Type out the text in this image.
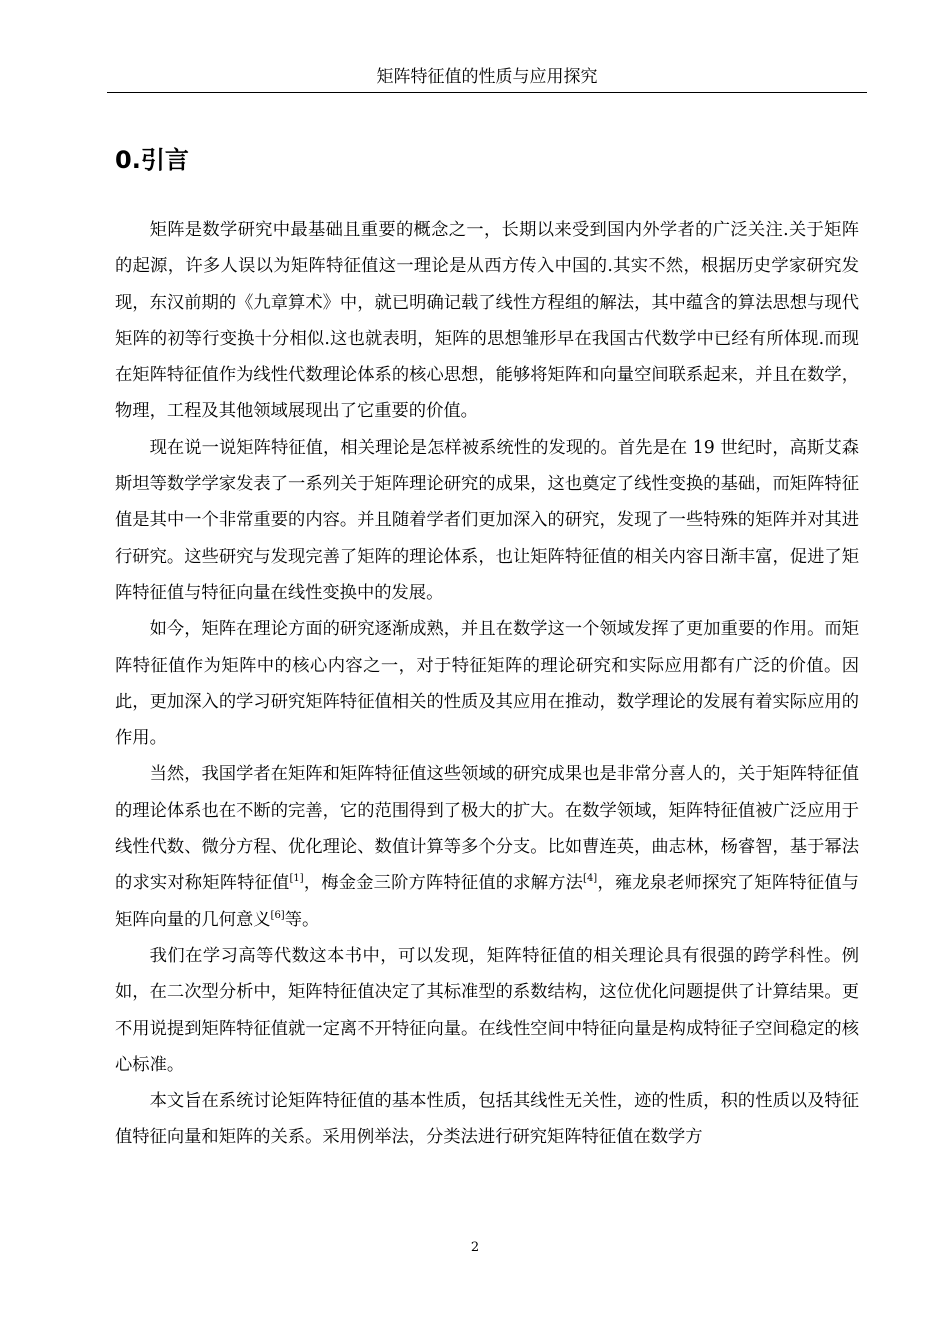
矩阵特征值的性质与应用探究
0.引言

矩阵是数学研究中最基础且重要的概念之一，长期以来受到国内外学者的广泛关注.关于矩阵的起源，许多人误以为矩阵特征值这一理论是从西方传入中国的.其实不然，根据历史学家研究发现，东汉前期的《九章算术》中，就已明确记载了线性方程组的解法，其中蕴含的算法思想与现代矩阵的初等行变换十分相似.这也就表明，矩阵的思想雏形早在我国古代数学中已经有所体现.而现在矩阵特征值作为线性代数理论体系的核心思想，能够将矩阵和向量空间联系起来，并且在数学，物理，工程及其他领域展现出了它重要的价值。

现在说一说矩阵特征值，相关理论是怎样被系统性的发现的。首先是在 19 世纪时，高斯艾森斯坦等数学学家发表了一系列关于矩阵理论研究的成果，这也奠定了线性变换的基础，而矩阵特征值是其中一个非常重要的内容。并且随着学者们更加深入的研究，发现了一些特殊的矩阵并对其进行研究。这些研究与发现完善了矩阵的理论体系，也让矩阵特征值的相关内容日渐丰富，促进了矩阵特征值与特征向量在线性变换中的发展。

如今，矩阵在理论方面的研究逐渐成熟，并且在数学这一个领域发挥了更加重要的作用。而矩阵特征值作为矩阵中的核心内容之一，对于特征矩阵的理论研究和实际应用都有广泛的价值。因此，更加深入的学习研究矩阵特征值相关的性质及其应用在推动，数学理论的发展有着实际应用的作用。

当然，我国学者在矩阵和矩阵特征值这些领域的研究成果也是非常分喜人的，关于矩阵特征值的理论体系也在不断的完善，它的范围得到了极大的扩大。在数学领域，矩阵特征值被广泛应用于线性代数、微分方程、优化理论、数值计算等多个分支。比如曹连英，曲志林，杨睿智，基于幂法的求实对称矩阵特征值[1]，梅金金三阶方阵特征值的求解方法[4]，雍龙泉老师探究了矩阵特征值与矩阵向量的几何意义[6]等。

我们在学习高等代数这本书中，可以发现，矩阵特征值的相关理论具有很强的跨学科性。例如，在二次型分析中，矩阵特征值决定了其标准型的系数结构，这位优化问题提供了计算结果。更不用说提到矩阵特征值就一定离不开特征向量。在线性空间中特征向量是构成特征子空间稳定的核心标准。

本文旨在系统讨论矩阵特征值的基本性质，包括其线性无关性，迹的性质，积的性质以及特征值特征向量和矩阵的关系。采用例举法，分类法进行研究矩阵特征值在数学方

2
